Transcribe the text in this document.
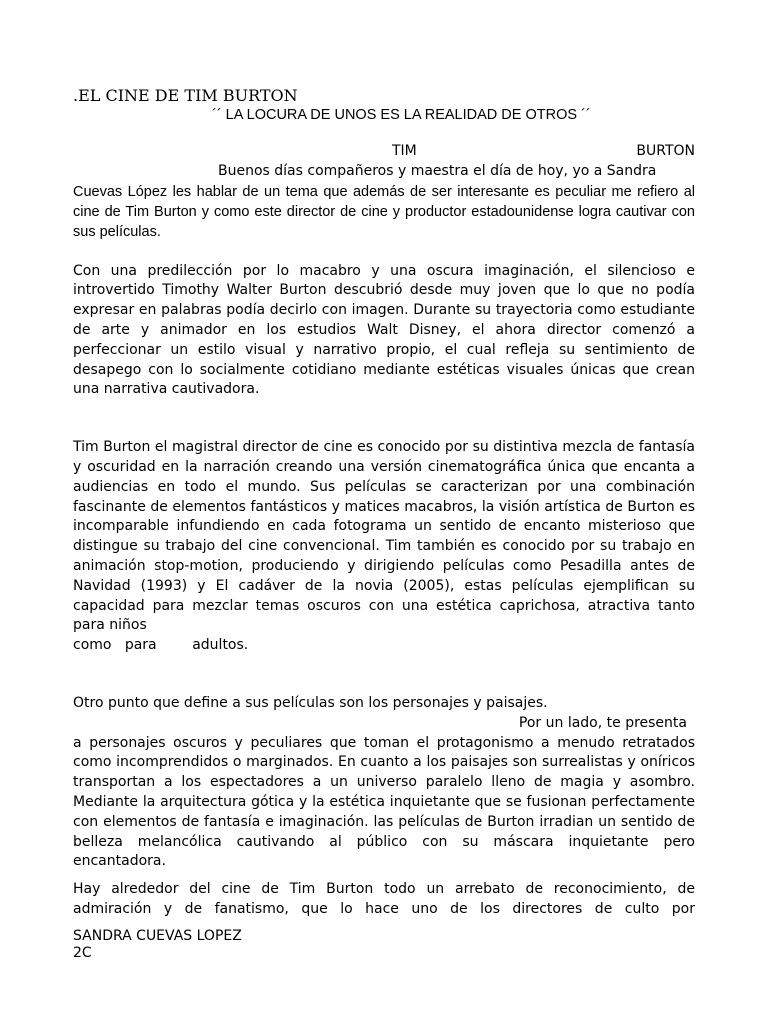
.EL CINE DE TIM BURTON

´´ LA LOCURA DE UNOS ES LA REALIDAD DE OTROS ´´

TIM	BURTON

Buenos días compañeros y maestra el día de hoy, yo a Sandra

Cuevas López les hablar de un tema que además de ser interesante es peculiar me refiero al cine de Tim Burton y como este director de cine y productor estadounidense logra cautivar con sus películas.

Con una predilección por lo macabro y una oscura imaginación, el silencioso e introvertido Timothy Walter Burton descubrió desde muy joven que lo que no podía expresar en palabras podía decirlo con imagen. Durante su trayectoria como estudiante de arte y animador en los estudios Walt Disney, el ahora director comenzó a perfeccionar un estilo visual y narrativo propio, el cual refleja su sentimiento de desapego con lo socialmente cotidiano mediante estéticas visuales únicas que crean una narrativa cautivadora.

Tim Burton el magistral director de cine es conocido por su distintiva mezcla de fantasía y oscuridad en la narración creando una versión cinematográfica única que encanta a audiencias en todo el mundo. Sus películas se caracterizan por una combinación fascinante de elementos fantásticos y matices macabros, la visión artística de Burton es incomparable infundiendo en cada fotograma un sentido de encanto misterioso que distingue su trabajo del cine convencional. Tim también es conocido por su trabajo en animación stop-motion, produciendo y dirigiendo películas como Pesadilla antes de Navidad (1993) y El cadáver de la novia (2005), estas películas ejemplifican su capacidad para mezclar temas oscuros con una estética caprichosa, atractiva tanto para niños

como   para        adultos.

Otro punto que define a sus películas son los personajes y paisajes.

Por un lado, te presenta

a personajes oscuros y peculiares que toman el protagonismo a menudo retratados como incomprendidos o marginados. En cuanto a los paisajes son surrealistas y oníricos transportan a los espectadores a un universo paralelo lleno de magia y asombro. Mediante la arquitectura gótica y la estética inquietante que se fusionan perfectamente con elementos de fantasía e imaginación. las películas de Burton irradian un sentido de belleza melancólica cautivando al público con su máscara inquietante pero encantadora.

Hay alrededor del cine de Tim Burton todo un arrebato de reconocimiento, de admiración y de fanatismo, que lo hace uno de los directores de culto por

SANDRA CUEVAS LOPEZ
2C
